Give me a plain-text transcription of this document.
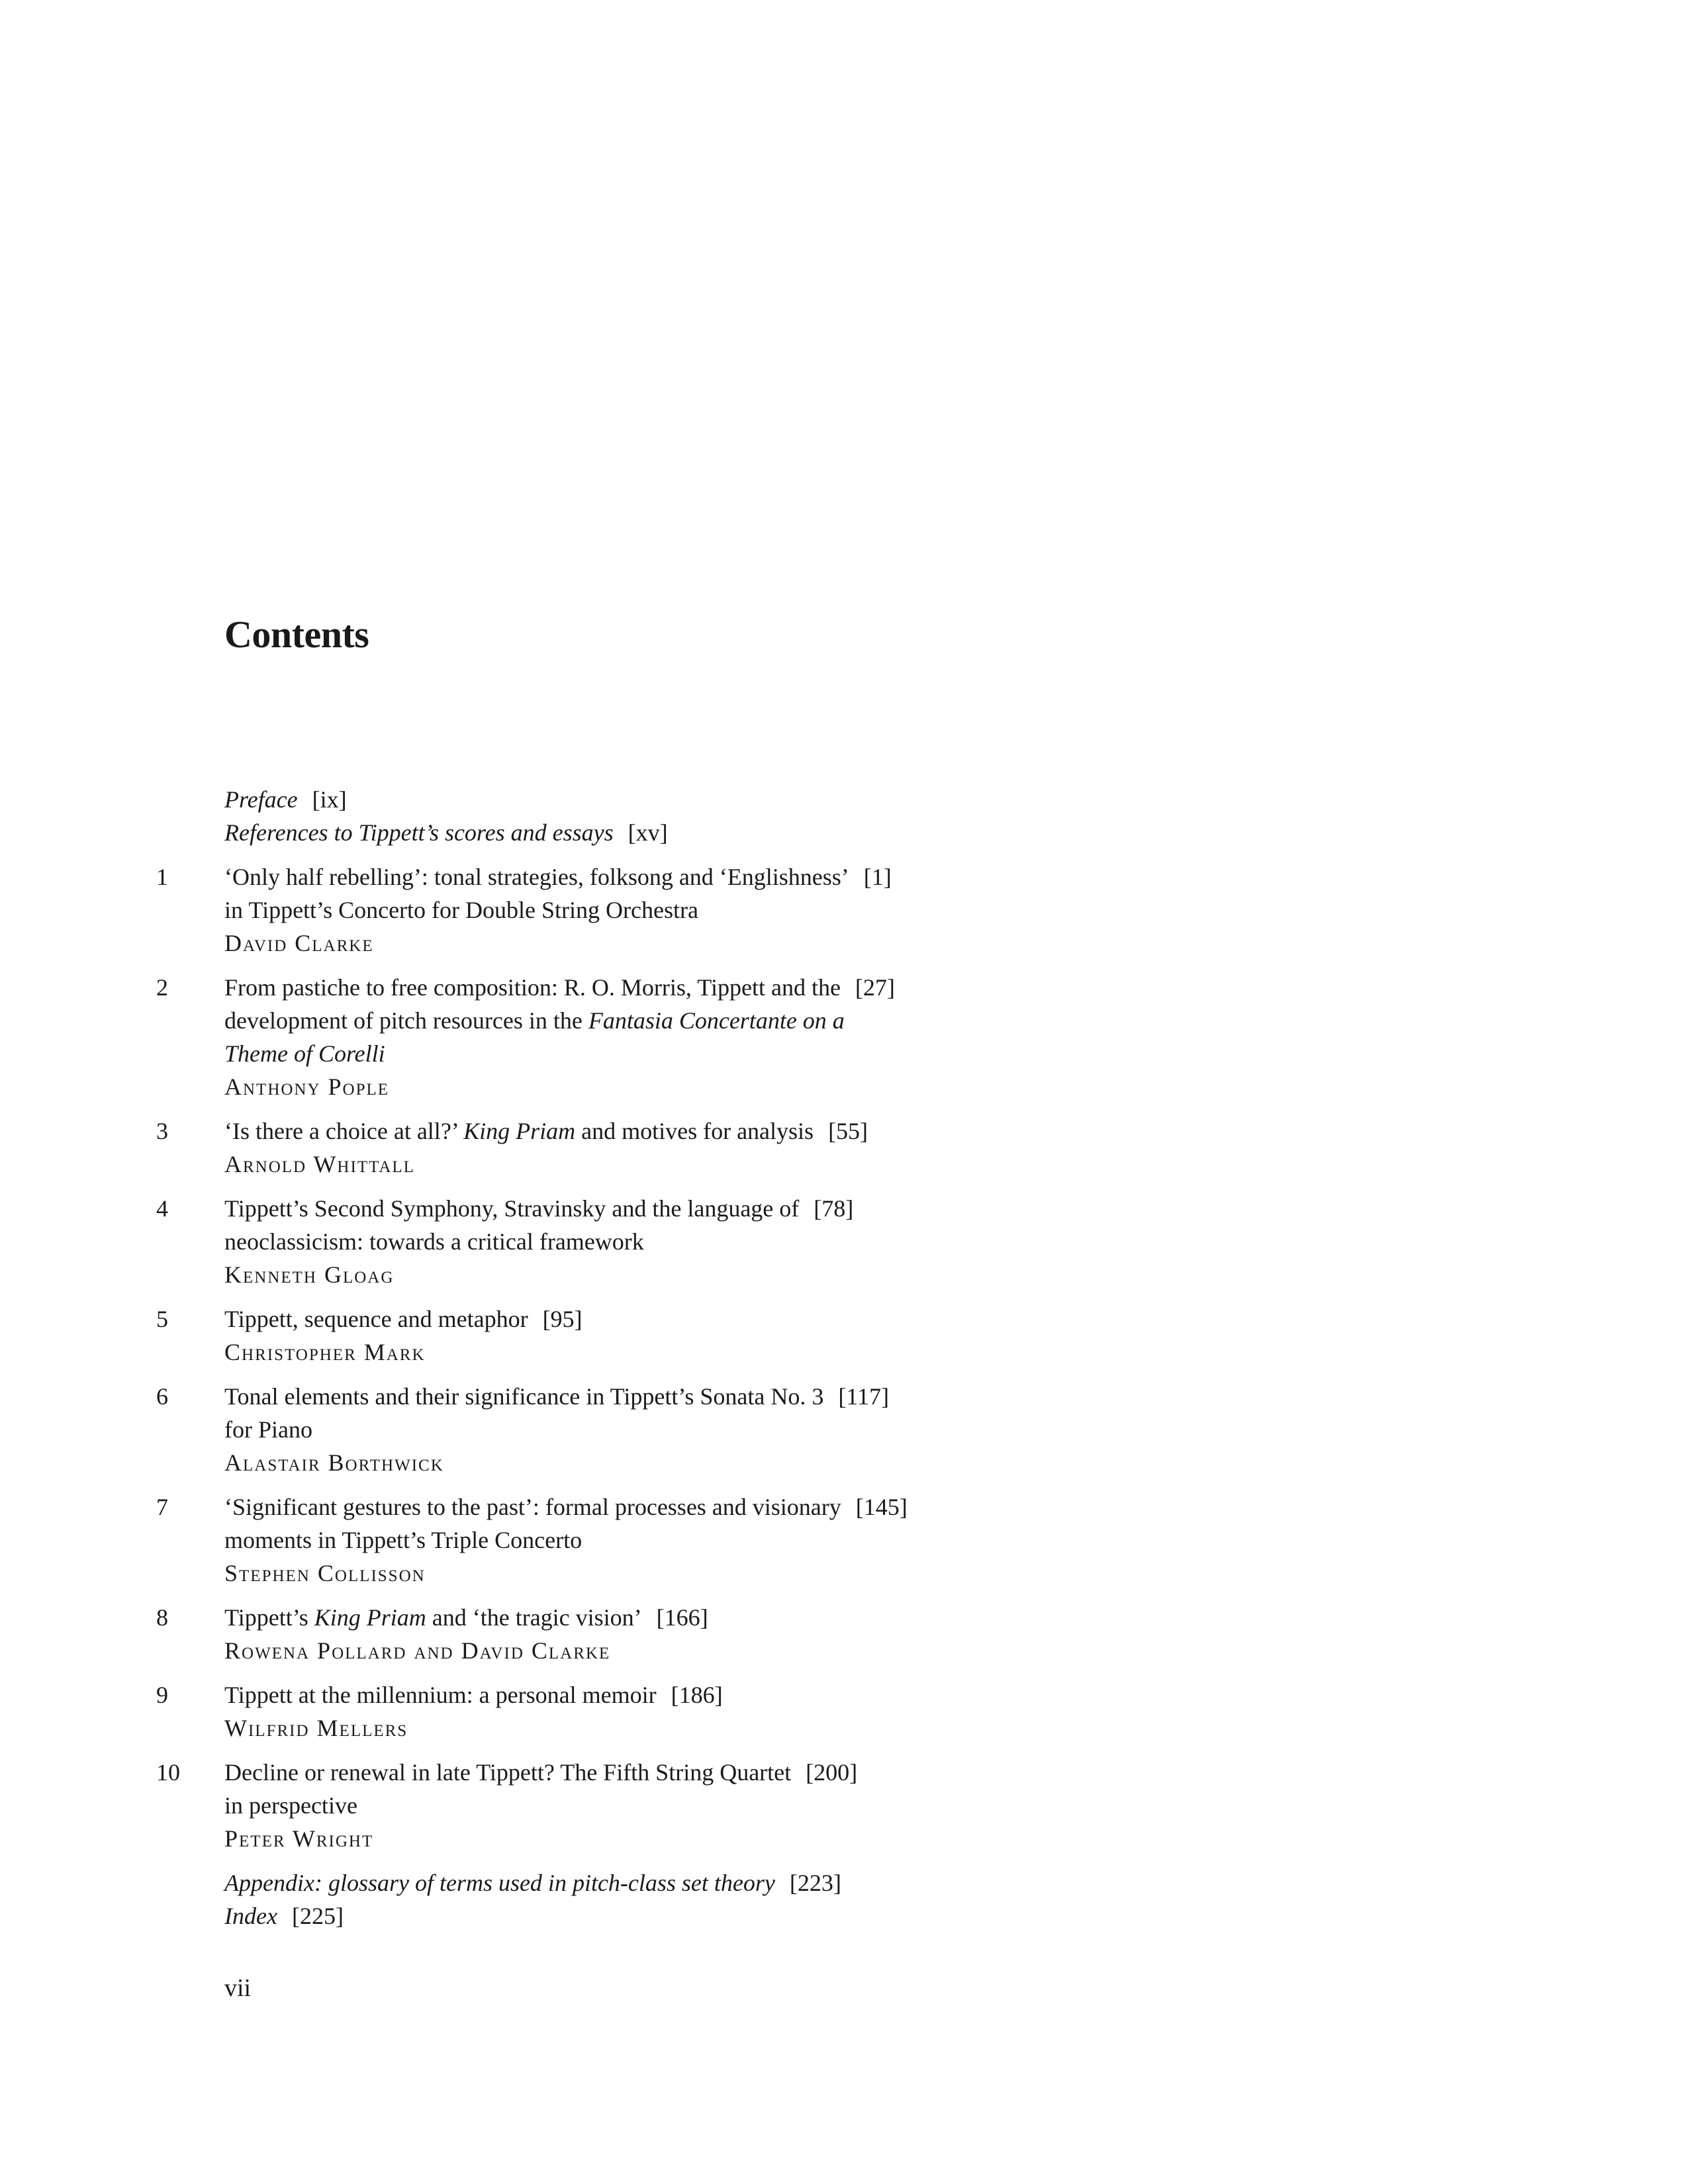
Contents
Preface [ix]
References to Tippett’s scores and essays [xv]
1 ‘Only half rebelling’: tonal strategies, folksong and ‘Englishness’ [1]
in Tippett’s Concerto for Double String Orchestra
David Clarke
2 From pastiche to free composition: R. O. Morris, Tippett and the [27]
development of pitch resources in the Fantasia Concertante on a
Theme of Corelli
Anthony Pople
3 ‘Is there a choice at all?’ King Priam and motives for analysis [55]
Arnold Whittall
4 Tippett’s Second Symphony, Stravinsky and the language of [78]
neoclassicism: towards a critical framework
Kenneth Gloag
5 Tippett, sequence and metaphor [95]
Christopher Mark
6 Tonal elements and their significance in Tippett’s Sonata No. 3 [117]
for Piano
Alastair Borthwick
7 ‘Significant gestures to the past’: formal processes and visionary [145]
moments in Tippett’s Triple Concerto
Stephen Collisson
8 Tippett’s King Priam and ‘the tragic vision’ [166]
Rowena Pollard and David Clarke
9 Tippett at the millennium: a personal memoir [186]
Wilfrid Mellers
10 Decline or renewal in late Tippett? The Fifth String Quartet [200]
in perspective
Peter Wright
Appendix: glossary of terms used in pitch-class set theory [223]
Index [225]
vii
